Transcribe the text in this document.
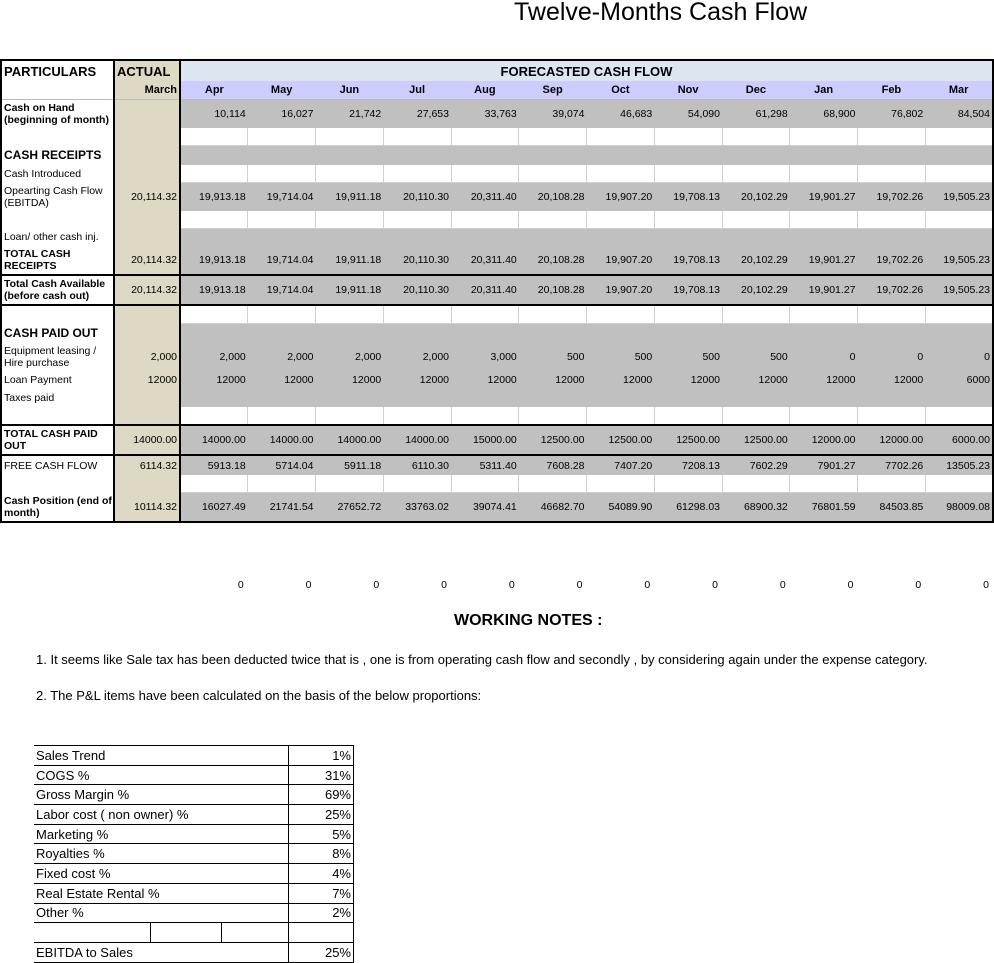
Twelve-Months Cash Flow
PARTICULARS	ACTUAL	FORECASTED CASH FLOW											
	March	Apr	May	Jun	Jul	Aug	Sep	Oct	Nov	Dec	Jan	Feb	Mar
Cash on Hand
(beginning of month)		10,114	16,027	21,742	27,653	33,763	39,074	46,683	54,090	61,298	68,900	76,802	84,504

CASH RECEIPTS													
Cash Introduced													
Opearting Cash Flow
(EBITDA)	20,114.32	19,913.18	19,714.04	19,911.18	20,110.30	20,311.40	20,108.28	19,907.20	19,708.13	20,102.29	19,901.27	19,702.26	19,505.23

Loan/ other cash inj.													
TOTAL CASH
RECEIPTS	20,114.32	19,913.18	19,714.04	19,911.18	20,110.30	20,311.40	20,108.28	19,907.20	19,708.13	20,102.29	19,901.27	19,702.26	19,505.23
Total Cash Available
(before cash out)	20,114.32	19,913.18	19,714.04	19,911.18	20,110.30	20,311.40	20,108.28	19,907.20	19,708.13	20,102.29	19,901.27	19,702.26	19,505.23

CASH PAID OUT													
Equipment leasing /
Hire purchase	2,000	2,000	2,000	2,000	2,000	3,000	500	500	500	500	0	0	0
Loan Payment	12000	12000	12000	12000	12000	12000	12000	12000	12000	12000	12000	12000	6000
Taxes paid													

TOTAL CASH PAID
OUT	14000.00	14000.00	14000.00	14000.00	14000.00	15000.00	12500.00	12500.00	12500.00	12500.00	12000.00	12000.00	6000.00
FREE CASH FLOW	6114.32	5913.18	5714.04	5911.18	6110.30	5311.40	7608.28	7407.20	7208.13	7602.29	7901.27	7702.26	13505.23

Cash Position (end of
month)	10114.32	16027.49	21741.54	27652.72	33763.02	39074.41	46682.70	54089.90	61298.03	68900.32	76801.59	84503.85	98009.08
0	0	0	0	0	0	0	0	0	0	0	0
WORKING NOTES :
1. It seems like Sale tax has been deducted twice that is , one is from operating cash flow and secondly , by considering again under the expense category.
2. The P&L items have been calculated on the basis of the below proportions:
Sales Trend			1%
COGS %			31%
Gross Margin %			69%
Labor cost ( non owner) %			25%
Marketing %			5%
Royalties %			8%
Fixed cost %			4%
Real Estate Rental %			7%
Other %			2%

EBITDA to Sales			25%
